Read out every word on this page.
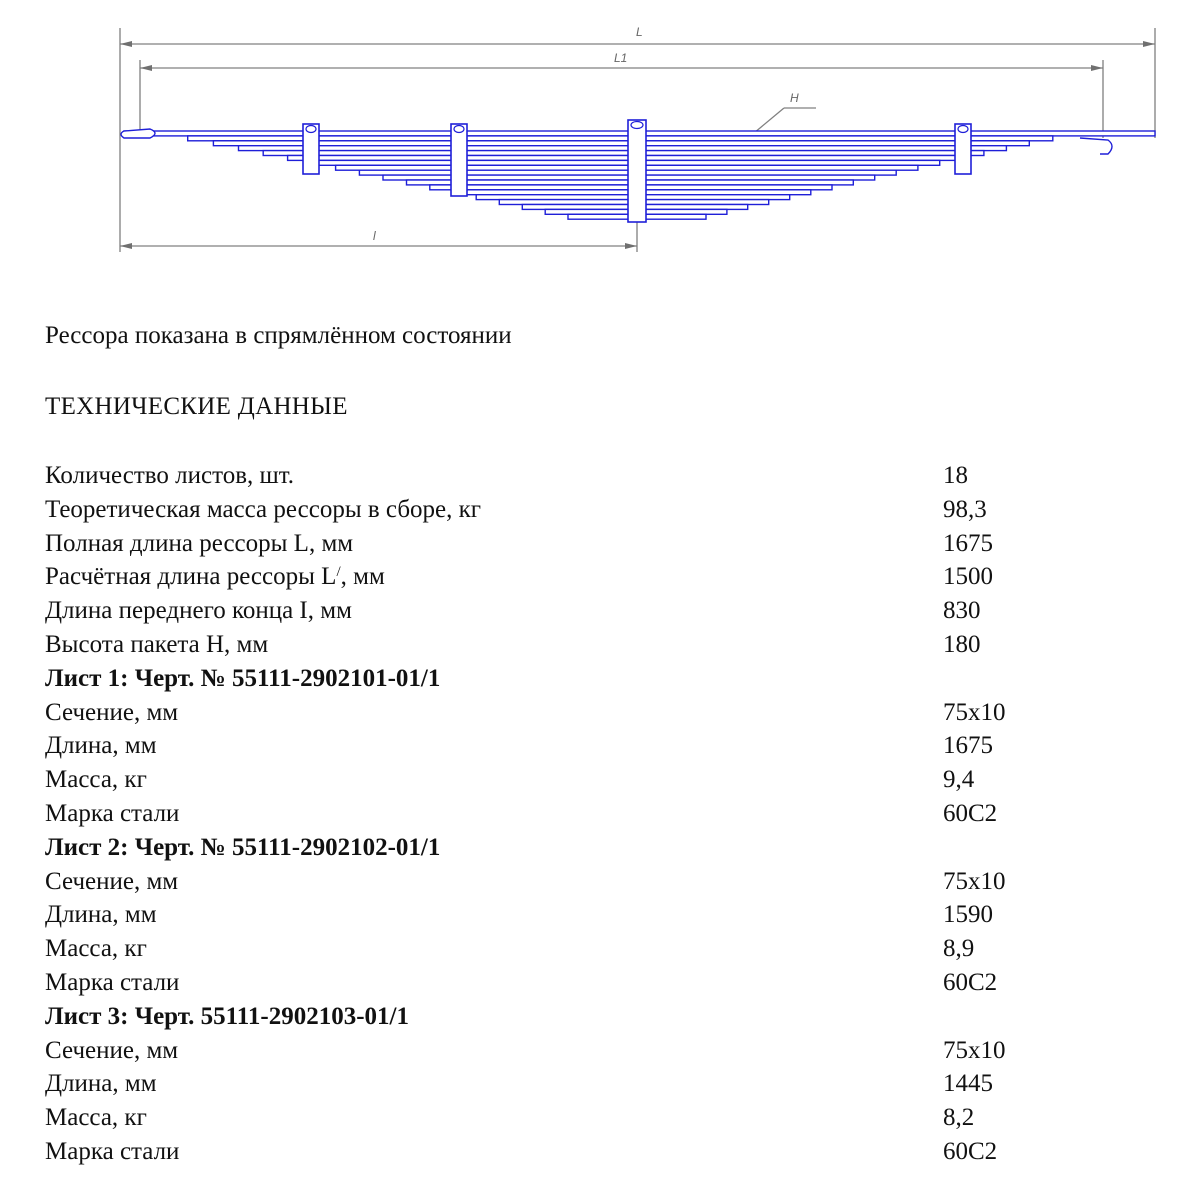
L
L1
l
H
Рессора показана в спрямлённом состоянии
ТЕХНИЧЕСКИЕ ДАННЫЕ
Количество листов, шт.	18
Теоретическая масса рессоры в сборе, кг	98,3
Полная длина рессоры L, мм	1675
Расчётная длина рессоры L/, мм	1500
Длина переднего конца I, мм	830
Высота пакета H, мм	180
Лист 1: Черт. № 55111-2902101-01/1
Сечение, мм	75x10
Длина, мм	1675
Масса, кг	9,4
Марка стали	60С2
Лист 2: Черт. № 55111-2902102-01/1
Сечение, мм	75x10
Длина, мм	1590
Масса, кг	8,9
Марка стали	60С2
Лист 3: Черт. 55111-2902103-01/1
Сечение, мм	75x10
Длина, мм	1445
Масса, кг	8,2
Марка стали	60С2
